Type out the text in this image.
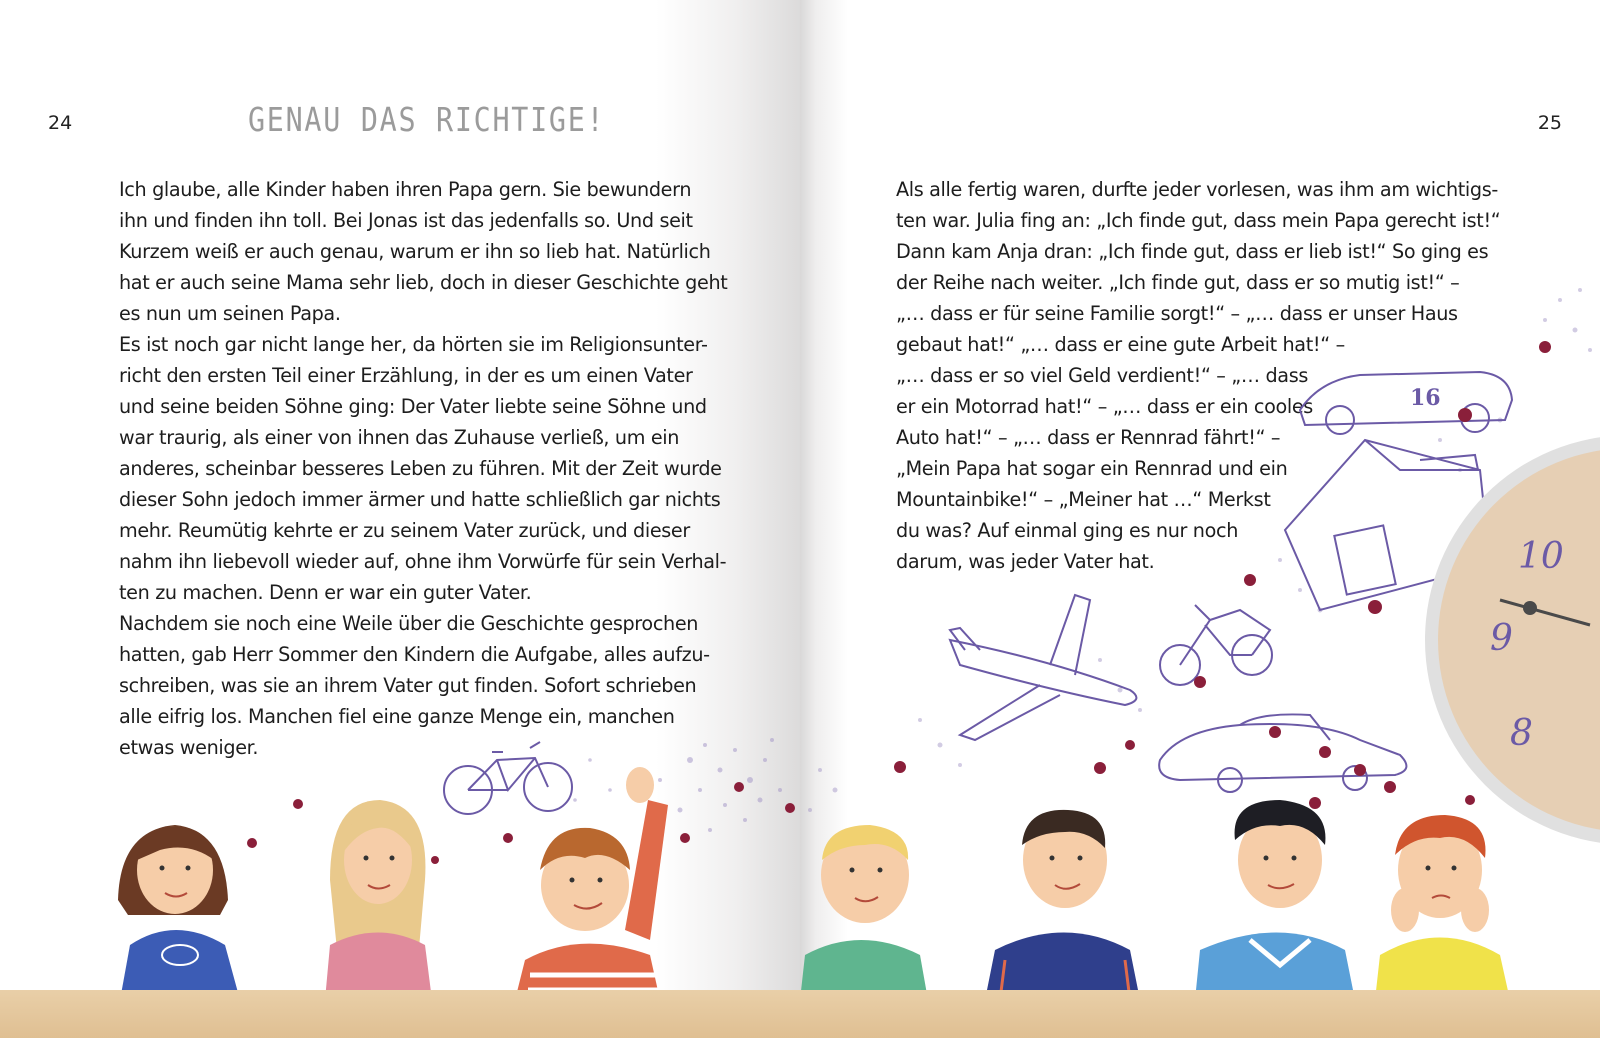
24	GENAU DAS RICHTIGE!
Ich glaube, alle Kinder haben ihren Papa gern. Sie bewundern
ihn und finden ihn toll. Bei Jonas ist das jedenfalls so. Und seit
Kurzem weiß er auch genau, warum er ihn so lieb hat. Natürlich
hat er auch seine Mama sehr lieb, doch in dieser Geschichte geht
es nun um seinen Papa.
Es ist noch gar nicht lange her, da hörten sie im Religionsunter-
richt den ersten Teil einer Erzählung, in der es um einen Vater
und seine beiden Söhne ging: Der Vater liebte seine Söhne und
war traurig, als einer von ihnen das Zuhause verließ, um ein
anderes, scheinbar besseres Leben zu führen. Mit der Zeit wurde
dieser Sohn jedoch immer ärmer und hatte schließlich gar nichts
mehr. Reumütig kehrte er zu seinem Vater zurück, und dieser
nahm ihn liebevoll wieder auf, ohne ihm Vorwürfe für sein Verhal-
ten zu machen. Denn er war ein guter Vater.
Nachdem sie noch eine Weile über die Geschichte gesprochen
hatten, gab Herr Sommer den Kindern die Aufgabe, alles aufzu-
schreiben, was sie an ihrem Vater gut finden. Sofort schrieben
alle eifrig los. Manchen fiel eine ganze Menge ein, manchen
etwas weniger.
25
Als alle fertig waren, durfte jeder vorlesen, was ihm am wichtigs-
ten war. Julia fing an: „Ich finde gut, dass mein Papa gerecht ist!“
Dann kam Anja dran: „Ich finde gut, dass er lieb ist!“ So ging es
der Reihe nach weiter. „Ich finde gut, dass er so mutig ist!“ –
„… dass er für seine Familie sorgt!“ – „… dass er unser Haus
gebaut hat!“ „… dass er eine gute Arbeit hat!“ –
„… dass er so viel Geld verdient!“ – „… dass
er ein Motorrad hat!“ – „… dass er ein cooles
Auto hat!“ – „… dass er Rennrad fährt!“ –
„Mein Papa hat sogar ein Rennrad und ein
Mountainbike!“ – „Meiner hat …“ Merkst
du was? Auf einmal ging es nur noch
darum, was jeder Vater hat.
16
10
9
8
